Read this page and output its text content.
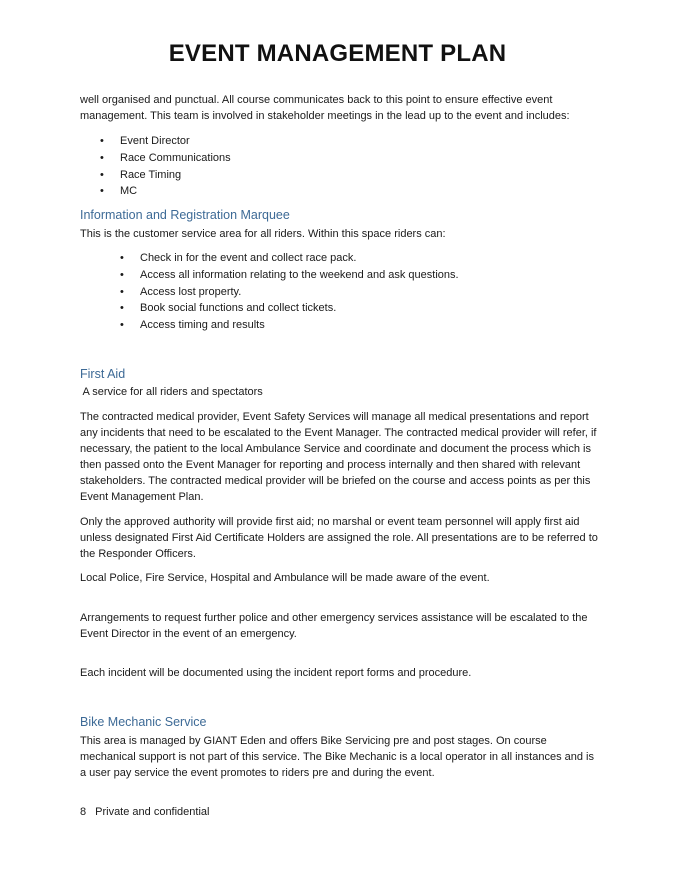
EVENT MANAGEMENT PLAN
well organised and punctual. All course communicates back to this point to ensure effective event management. This team is involved in stakeholder meetings in the lead up to the event and includes:
• Event Director
• Race Communications
• Race Timing
• MC
Information and Registration Marquee
This is the customer service area for all riders. Within this space riders can:
• Check in for the event and collect race pack.
• Access all information relating to the weekend and ask questions.
• Access lost property.
• Book social functions and collect tickets.
• Access timing and results
First Aid
A service for all riders and spectators
The contracted medical provider, Event Safety Services will manage all medical presentations and report any incidents that need to be escalated to the Event Manager. The contracted medical provider will refer, if necessary, the patient to the local Ambulance Service and coordinate and document the process which is then passed onto the Event Manager for reporting and process internally and then shared with relevant stakeholders. The contracted medical provider will be briefed on the course and access points as per this Event Management Plan.
Only the approved authority will provide first aid; no marshal or event team personnel will apply first aid unless designated First Aid Certificate Holders are assigned the role. All presentations are to be referred to the Responder Officers.
Local Police, Fire Service, Hospital and Ambulance will be made aware of the event.
Arrangements to request further police and other emergency services assistance will be escalated to the Event Director in the event of an emergency.
Each incident will be documented using the incident report forms and procedure.
Bike Mechanic Service
This area is managed by GIANT Eden and offers Bike Servicing pre and post stages. On course mechanical support is not part of this service. The Bike Mechanic is a local operator in all instances and is a user pay service the event promotes to riders pre and during the event.
8 Private and confidential
